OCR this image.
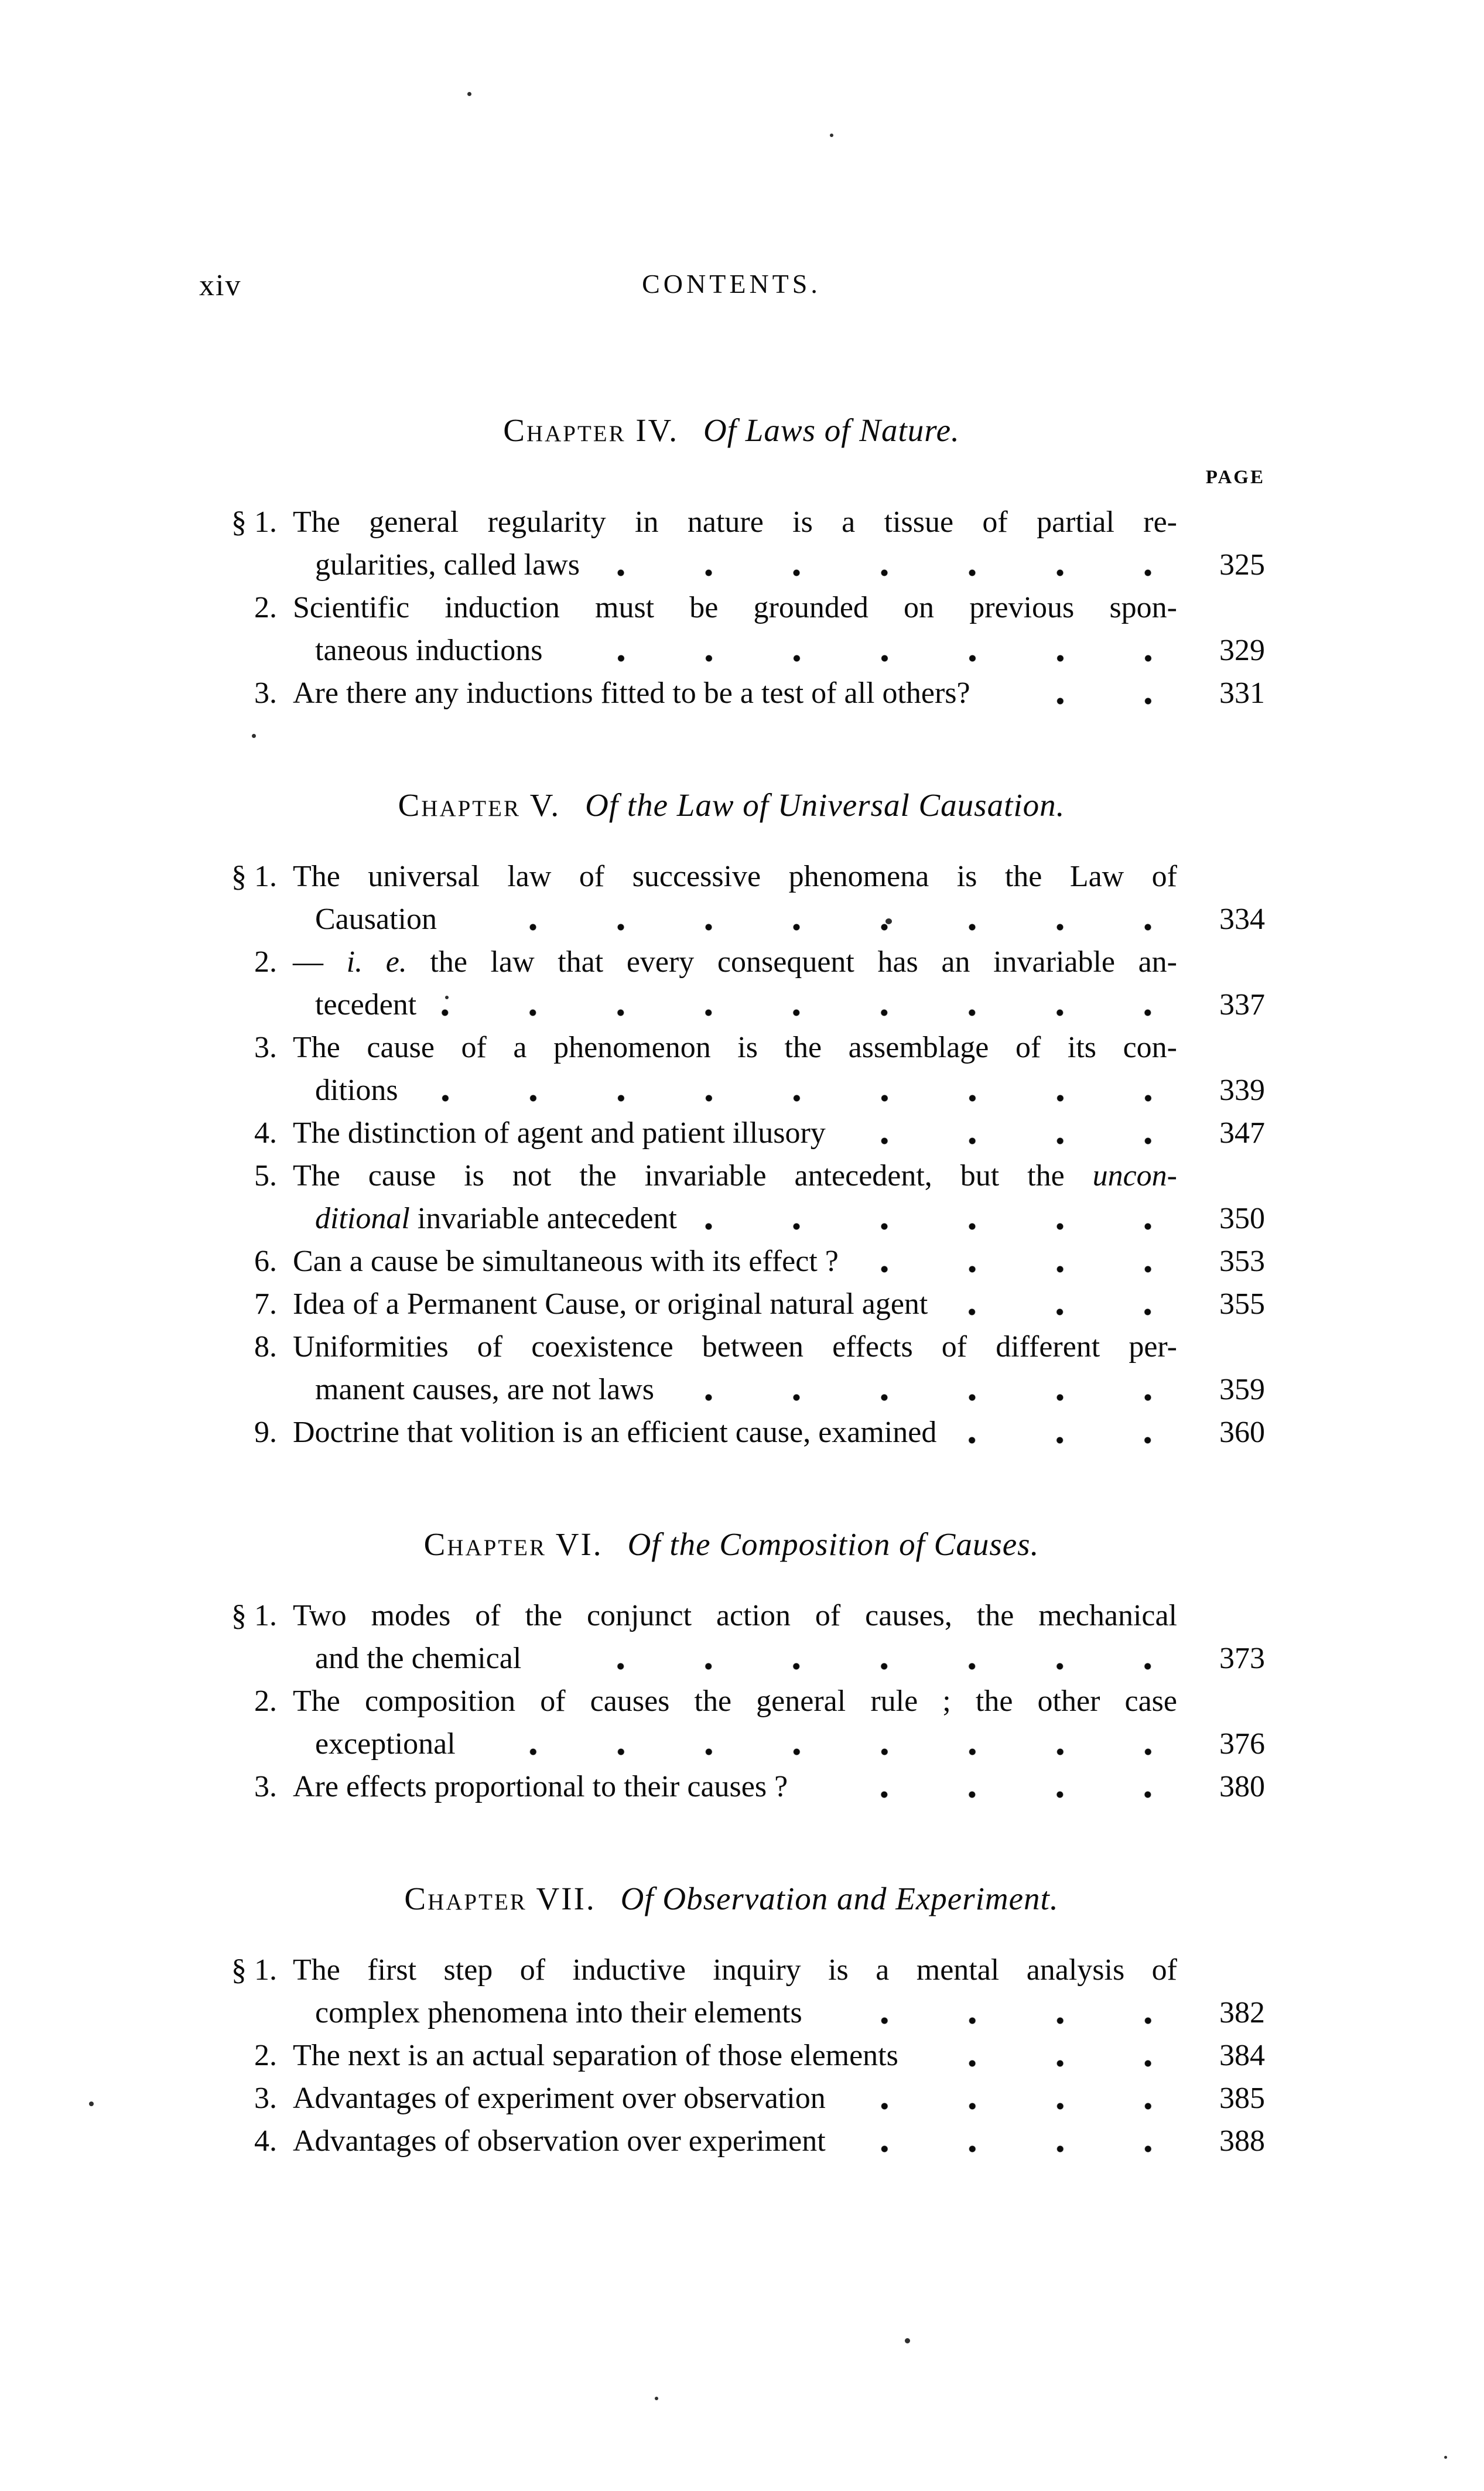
xiv	CONTENTS.
Chapter IV. Of Laws of Nature.
PAGE
§ 1. The general regularity in nature is a tissue of partial re-
gularities, called laws	325
2. Scientific induction must be grounded on previous spon-
taneous inductions	329
3. Are there any inductions fitted to be a test of all others?	331
Chapter V. Of the Law of Universal Causation.
§ 1. The universal law of successive phenomena is the Law of
Causation	334
2. — i. e. the law that every consequent has an invariable an-
tecedent	337
3. The cause of a phenomenon is the assemblage of its con-
ditions	339
4. The distinction of agent and patient illusory	347
5. The cause is not the invariable antecedent, but the uncon-
ditional invariable antecedent	350
6. Can a cause be simultaneous with its effect ?	353
7. Idea of a Permanent Cause, or original natural agent	355
8. Uniformities of coexistence between effects of different per-
manent causes, are not laws	359
9. Doctrine that volition is an efficient cause, examined	360
Chapter VI. Of the Composition of Causes.
§ 1. Two modes of the conjunct action of causes, the mechanical
and the chemical	373
2. The composition of causes the general rule ; the other case
exceptional	376
3. Are effects proportional to their causes ?	380
Chapter VII. Of Observation and Experiment.
§ 1. The first step of inductive inquiry is a mental analysis of
complex phenomena into their elements	382
2. The next is an actual separation of those elements	384
3. Advantages of experiment over observation	385
4. Advantages of observation over experiment	388
